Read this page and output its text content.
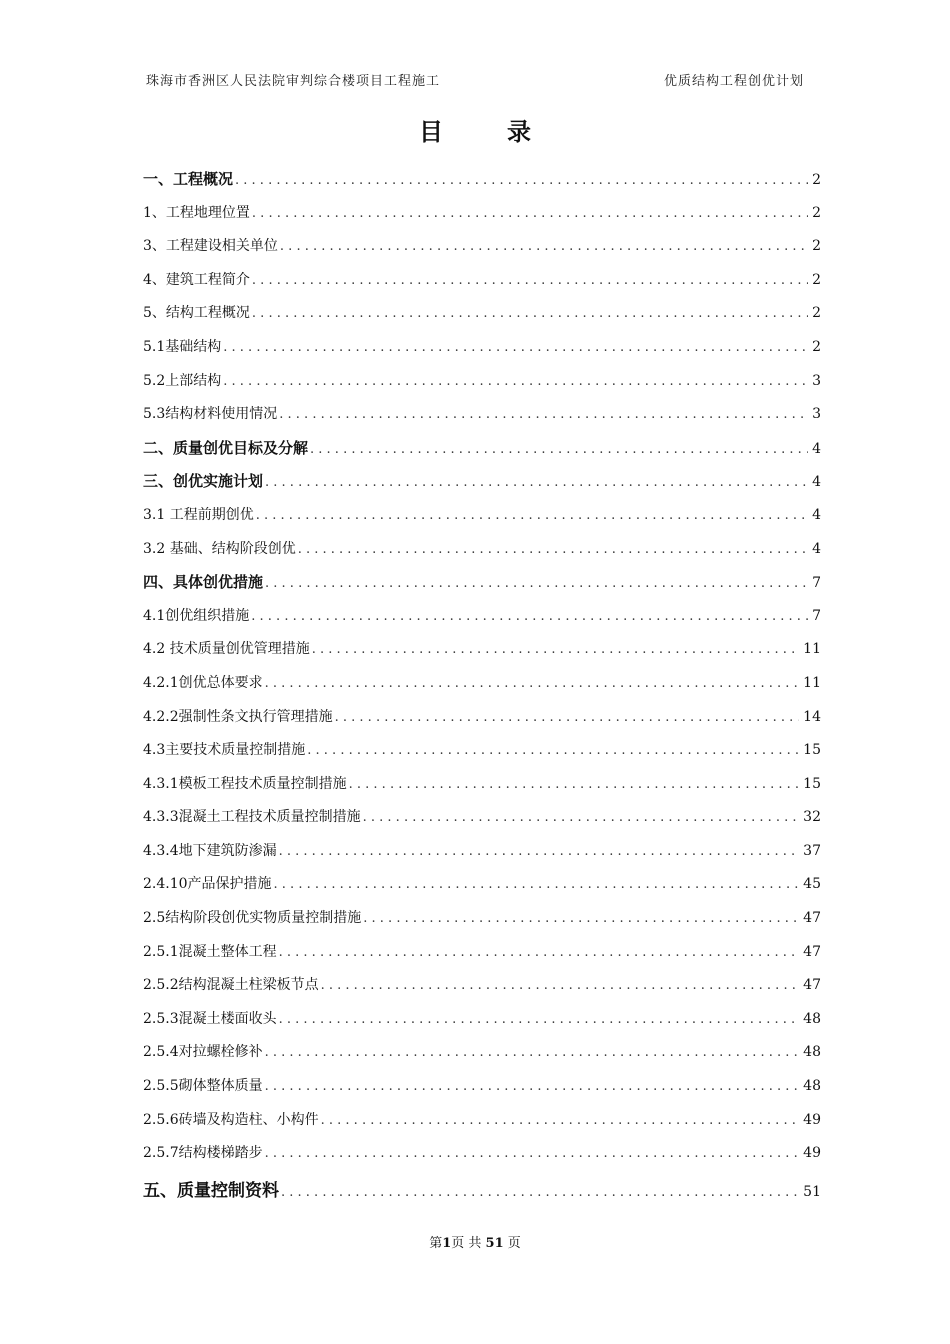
珠海市香洲区人民法院审判综合楼项目工程施工	优质结构工程创优计划
目	录
一、工程概况 . . .	2
1、工程地理位置 . . .	2
3、工程建设相关单位 . . .	2
4、建筑工程简介 . . .	2
5、结构工程概况 . . .	2
5.1基础结构 . . .	2
5.2上部结构 . . .	3
5.3结构材料使用情况 . . .	3
二、质量创优目标及分解 . . .	4
三、创优实施计划 . . .	4
3.1 工程前期创优 . . .	4
3.2 基础、结构阶段创优 . . .	4
四、具体创优措施 . . .	7
4.1创优组织措施 . . .	7
4.2 技术质量创优管理措施 . . .	11
4.2.1创优总体要求 . . .	11
4.2.2强制性条文执行管理措施 . . .	14
4.3主要技术质量控制措施 . . .	15
4.3.1模板工程技术质量控制措施 . . .	15
4.3.3混凝土工程技术质量控制措施 . . .	32
4.3.4地下建筑防渗漏 . . .	37
2.4.10产品保护措施 . . .	45
2.5结构阶段创优实物质量控制措施 . . .	47
2.5.1混凝土整体工程 . . .	47
2.5.2结构混凝土柱梁板节点 . . .	47
2.5.3混凝土楼面收头 . . .	48
2.5.4对拉螺栓修补 . . .	48
2.5.5砌体整体质量 . . .	48
2.5.6砖墙及构造柱、小构件 . . .	49
2.5.7结构楼梯踏步 . . .	49
五、质量控制资料 . . .	51
第1页 共 51 页
